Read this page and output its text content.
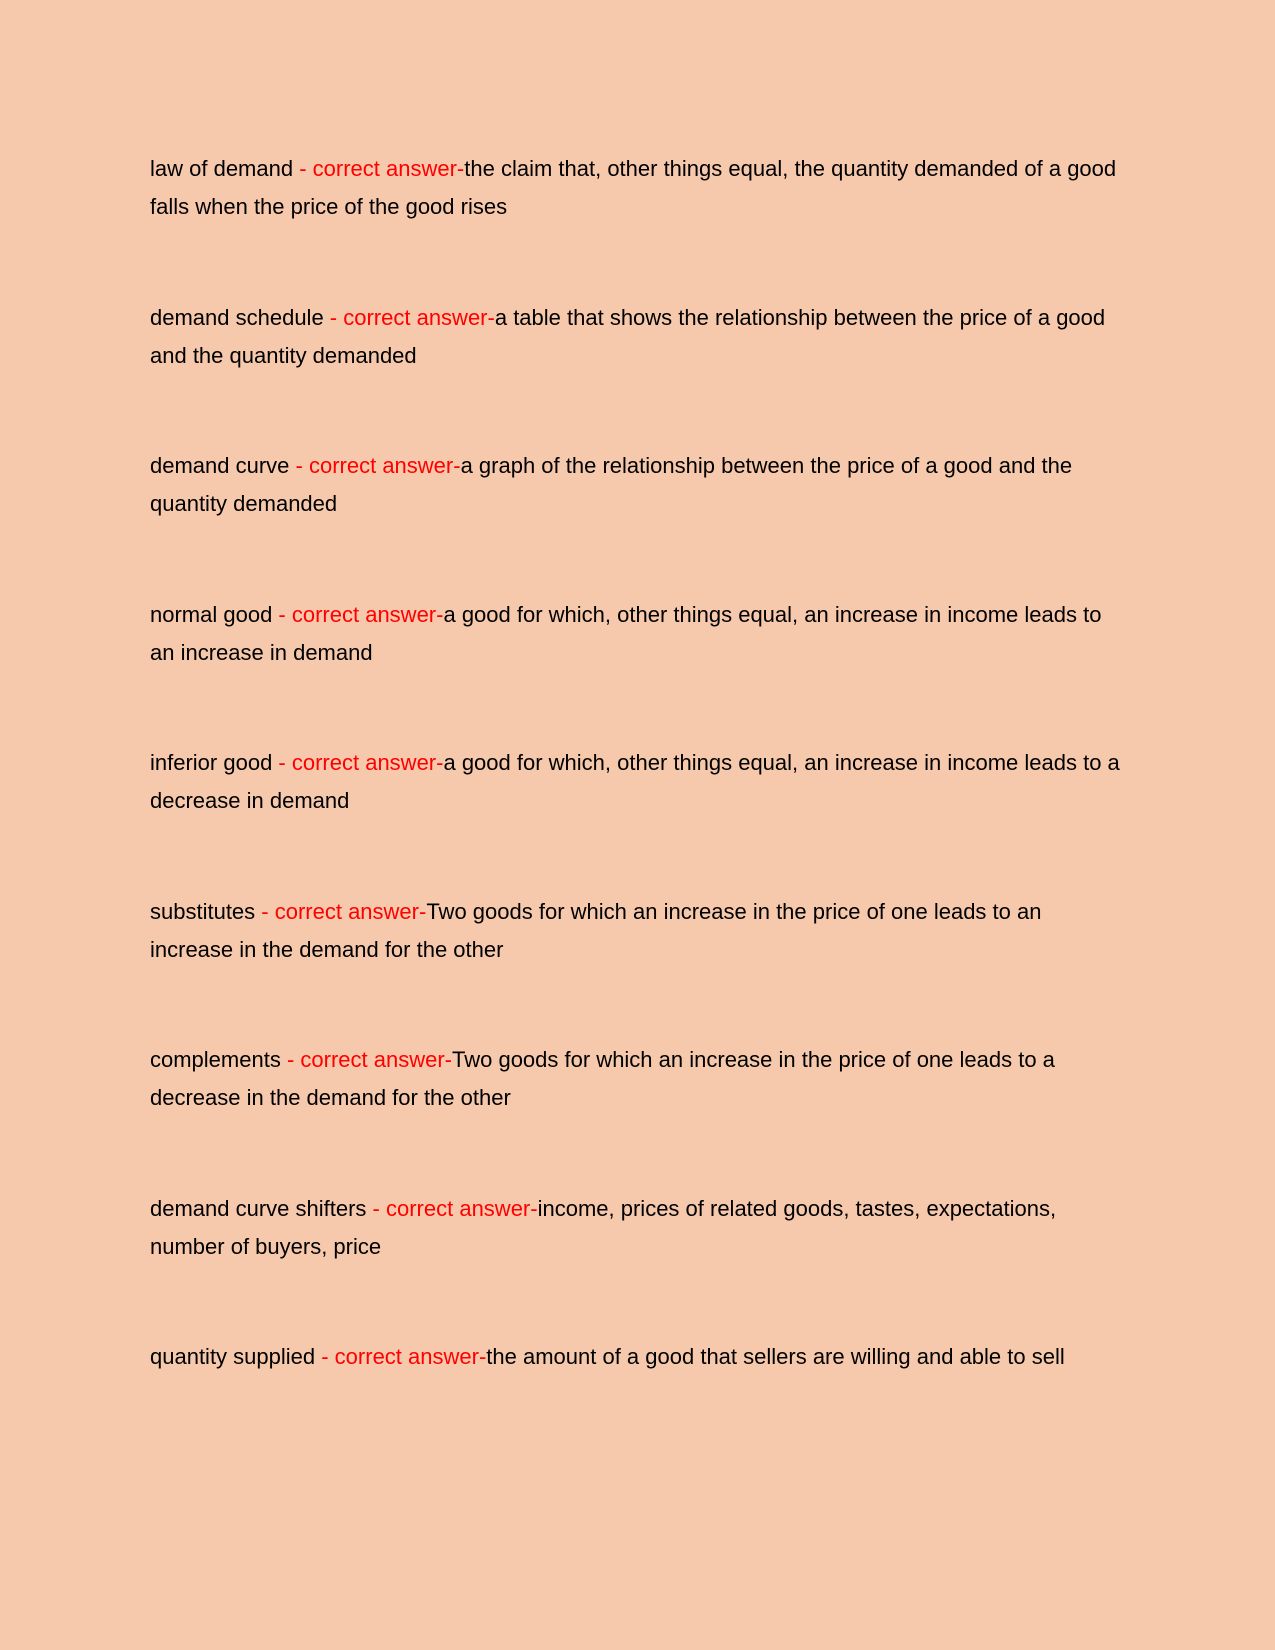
law of demand - correct answer-the claim that, other things equal, the quantity demanded of a good falls when the price of the good rises

demand schedule - correct answer-a table that shows the relationship between the price of a good and the quantity demanded

demand curve - correct answer-a graph of the relationship between the price of a good and the quantity demanded

normal good - correct answer-a good for which, other things equal, an increase in income leads to an increase in demand

inferior good - correct answer-a good for which, other things equal, an increase in income leads to a decrease in demand

substitutes - correct answer-Two goods for which an increase in the price of one leads to an increase in the demand for the other

complements - correct answer-Two goods for which an increase in the price of one leads to a decrease in the demand for the other

demand curve shifters - correct answer-income, prices of related goods, tastes, expectations, number of buyers, price

quantity supplied - correct answer-the amount of a good that sellers are willing and able to sell
